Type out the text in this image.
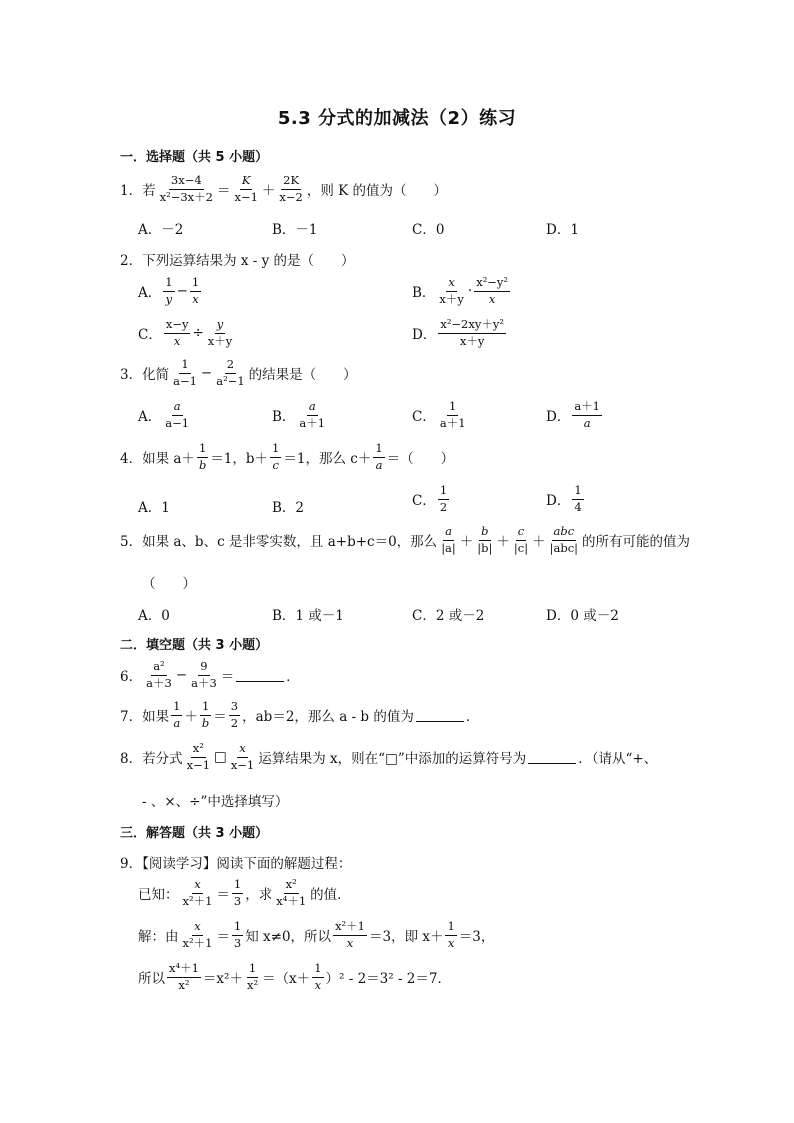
5.3 分式的加减法（2）练习
一．选择题（共 5 小题）
1． 若 $\frac{3x-4}{\text{x²−3x＋2}} = \frac{K}{x-1} + \frac{2K}{x-2}$ ，则 K 的值为（　　）
A．－2	B．－1	C．0	D．1
2．下列运算结果为 x - y 的是（　　）
A． $\frac{1}{y} - \frac{1}{x}$	B． $\frac{x}{x+y} \cdot \frac{\text{x²−y²}}{x}$
C． $\frac{x-y}{x} \div \frac{y}{x+y}$	D． $\frac{\text{x²−2xy＋y²}}{x+y}$
3．化简 $\frac{1}{a-1} - \frac{2}{\text{a²−1}}$ 的结果是（　　）
A． $\frac{a}{a-1}$	B． $\frac{a}{a+1}$	C． $\frac{1}{a+1}$	D． $\frac{a+1}{a}$
4．如果 $a+ \frac{1}{b} =1$，$b+ \frac{1}{c} =1$，那么 $c+ \frac{1}{a}$ ＝（　　）
A．1	B．2	C． $\frac{1}{2}$	D． $\frac{1}{4}$
5．如果 a、b、c 是非零实数，且 a+b+c＝0，那么 $\frac{a}{|a|} + \frac{b}{|b|} + \frac{c}{|c|} + \frac{\text{abc}}{\text{|abc|}}$ 的所有可能的值为
（　　）
A．0	B．1 或－1	C．2 或－2	D．0 或－2
二．填空题（共 3 小题）
6． $\frac{\text{a²}}{a+3} - \frac{9}{a+3}$ ＝	．
7．如果 $\frac{1}{a} + \frac{1}{b} = \frac{3}{2}$ ，ab＝2，那么 a - b 的值为	．
8．若分式 $\frac{\text{x²}}{x-1}$ □ $\frac{x}{x-1}$ 运算结果为 x，则在“□”中添加的运算符号为	．（请从“+、
- 、×、÷”中选择填写）
三．解答题（共 3 小题）
9．【阅读学习】阅读下面的解题过程：
已知： $\frac{x}{\text{x²＋1}} = \frac{1}{3}$ ，求 $\frac{\text{x²}}{\text{x⁴＋1}}$ 的值．
解：由 $\frac{x}{\text{x²＋1}} = \frac{1}{3}$ 知 x≠0，所以 $\frac{\text{x²＋1}}{x} =3$，即 $x+ \frac{1}{x} =3$，
所以 $\frac{\text{x⁴＋1}}{\text{x²}} =x^2+ \frac{1}{\text{x²}} =(x+ \frac{1}{x} )^2 - 2=3^2 - 2=7$．
